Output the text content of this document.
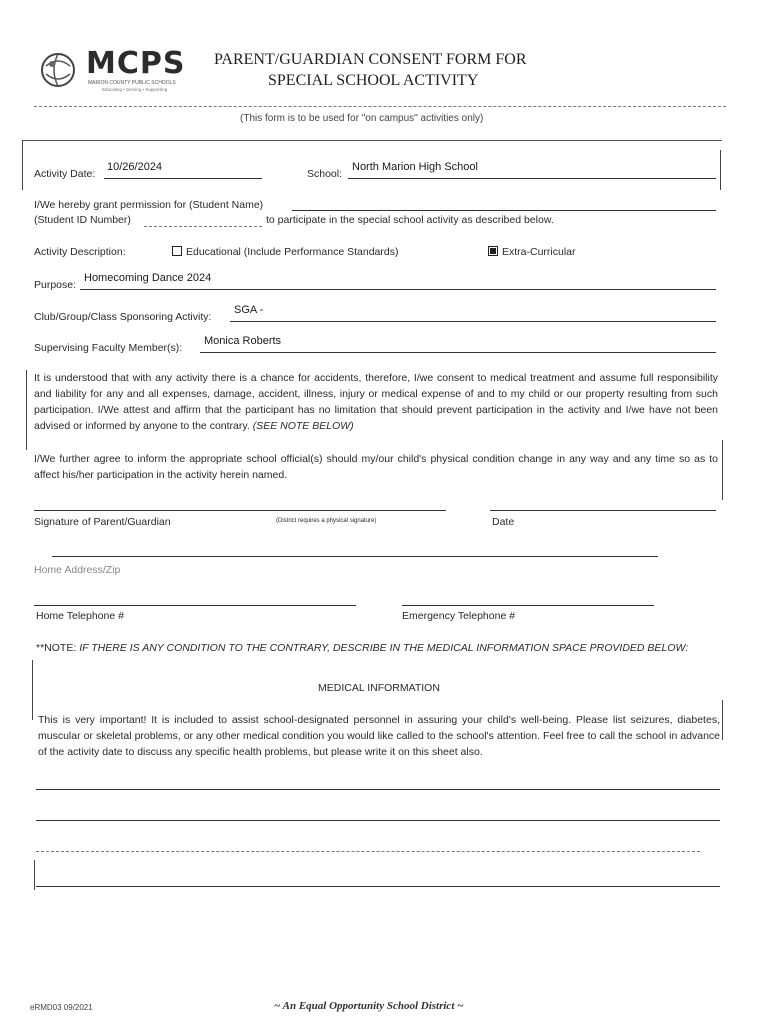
MCPS
MARION COUNTY PUBLIC SCHOOLS
Educating • Serving • Supporting
PARENT/GUARDIAN CONSENT FORM FOR
SPECIAL SCHOOL ACTIVITY
(This form is to be used for "on campus" activities only)
Activity Date:
10/26/2024
School:
North Marion High School
I/We hereby grant permission for (Student Name)
(Student ID Number)	to participate in the special school activity as described below.
Activity Description:	Educational (Include Performance Standards)	Extra-Curricular
Purpose:
Homecoming Dance 2024
Club/Group/Class Sponsoring Activity:
SGA -
Supervising Faculty Member(s):
Monica Roberts
It is understood that with any activity there is a chance for accidents, therefore, I/we consent to medical treatment and assume full responsibility and liability for any and all expenses, damage, accident, illness, injury or medical expense of and to my child or our property resulting from such participation. I/We attest and affirm that the participant has no limitation that should prevent participation in the activity and I/we have not been advised or informed by anyone to the contrary. (SEE NOTE BELOW)
I/We further agree to inform the appropriate school official(s) should my/our child's physical condition change in any way and any time so as to affect his/her participation in the activity herein named.
Signature of Parent/Guardian	(District requires a physical signature)	Date
Home Address/Zip
Home Telephone #	Emergency Telephone #
**NOTE: IF THERE IS ANY CONDITION TO THE CONTRARY, DESCRIBE IN THE MEDICAL INFORMATION SPACE PROVIDED BELOW:
MEDICAL INFORMATION
This is very important! It is included to assist school-designated personnel in assuring your child's well-being. Please list seizures, diabetes, muscular or skeletal problems, or any other medical condition you would like called to the school's attention. Feel free to call the school in advance of the activity date to discuss any specific health problems, but please write it on this sheet also.
eRMD03 09/2021	~ An Equal Opportunity School District ~
